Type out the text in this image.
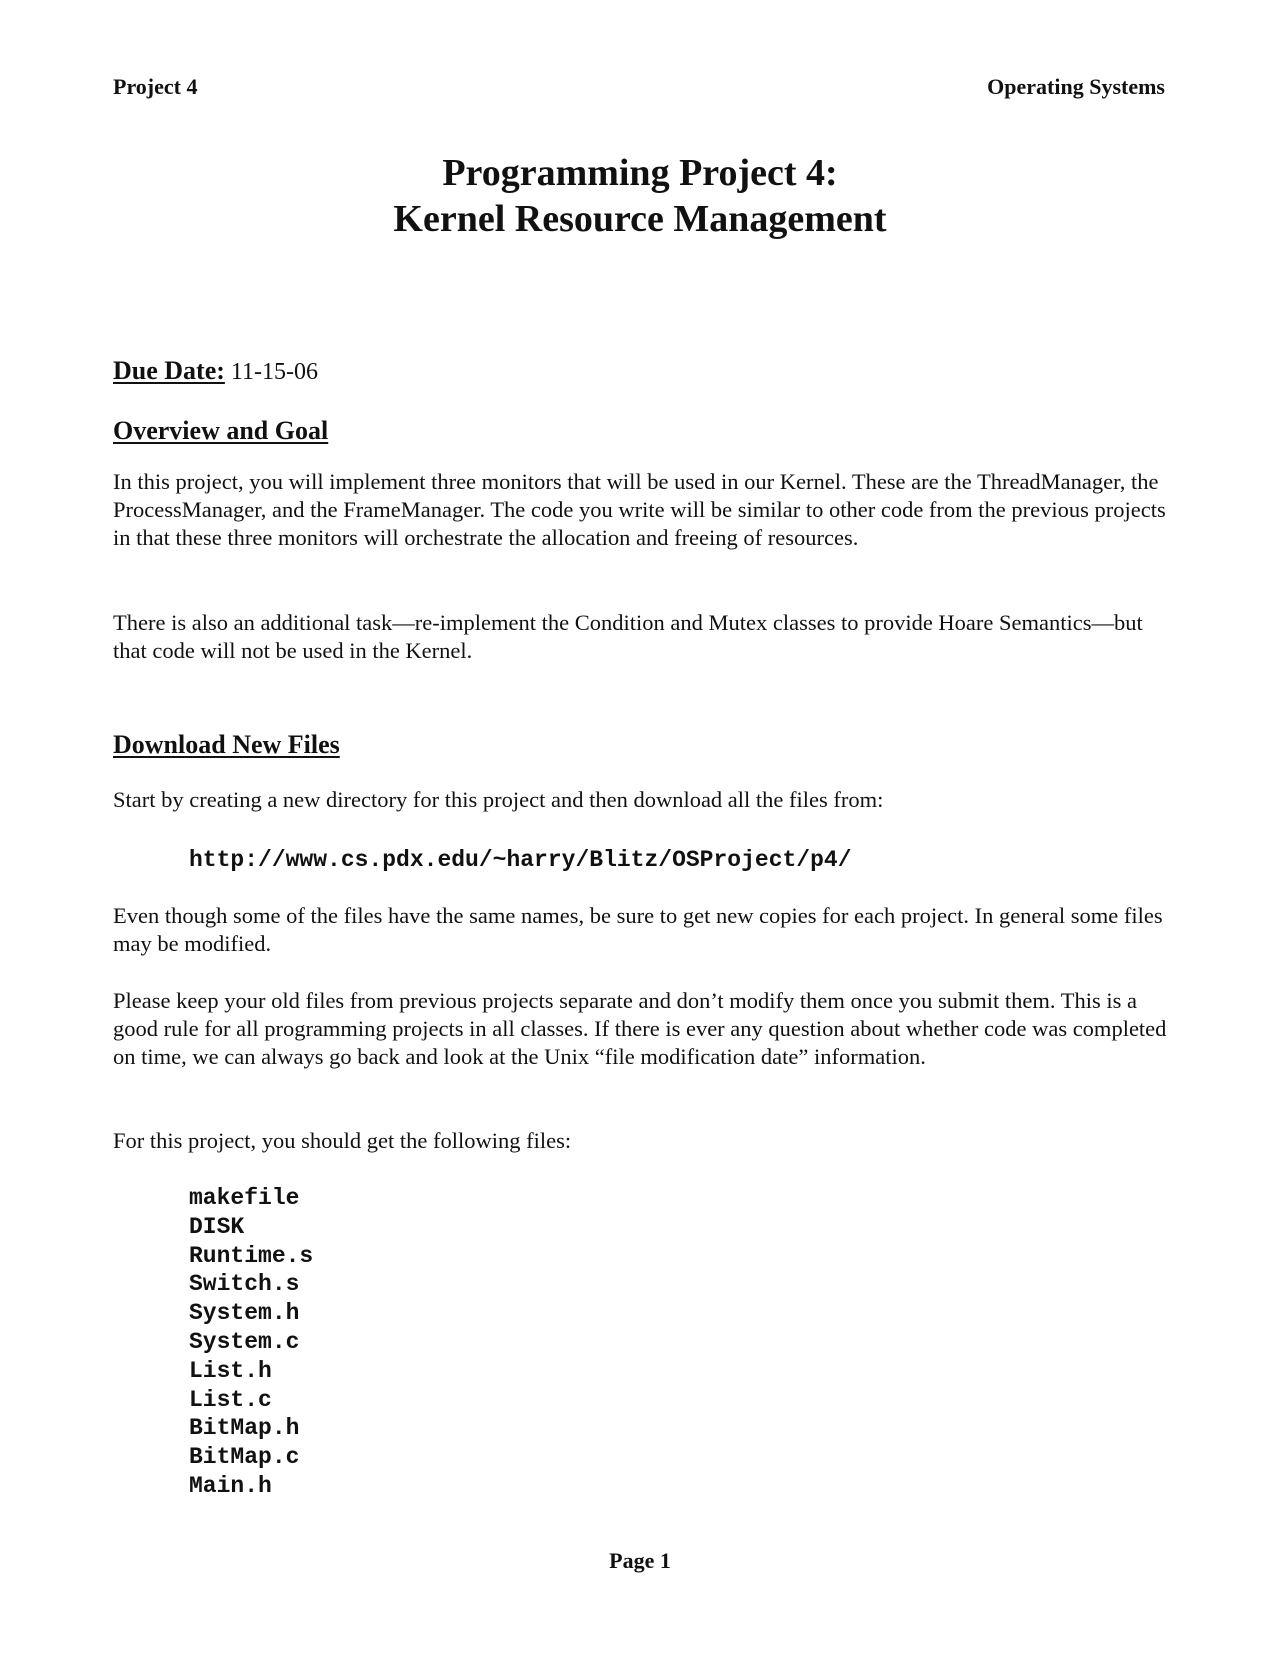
Project 4	Operating Systems
Programming Project 4:
Kernel Resource Management
Due Date: 11-15-06
Overview and Goal

In this project, you will implement three monitors that will be used in our Kernel. These are the ThreadManager, the ProcessManager, and the FrameManager. The code you write will be similar to other code from the previous projects in that these three monitors will orchestrate the allocation and freeing of resources.

There is also an additional task—re-implement the Condition and Mutex classes to provide Hoare Semantics—but that code will not be used in the Kernel.

Download New Files

Start by creating a new directory for this project and then download all the files from:

http://www.cs.pdx.edu/~harry/Blitz/OSProject/p4/

Even though some of the files have the same names, be sure to get new copies for each project. In general some files may be modified.

Please keep your old files from previous projects separate and don’t modify them once you submit them. This is a good rule for all programming projects in all classes. If there is ever any question about whether code was completed on time, we can always go back and look at the Unix “file modification date” information.

For this project, you should get the following files:

makefile
DISK
Runtime.s
Switch.s
System.h
System.c
List.h
List.c
BitMap.h
BitMap.c
Main.h
Page 1
